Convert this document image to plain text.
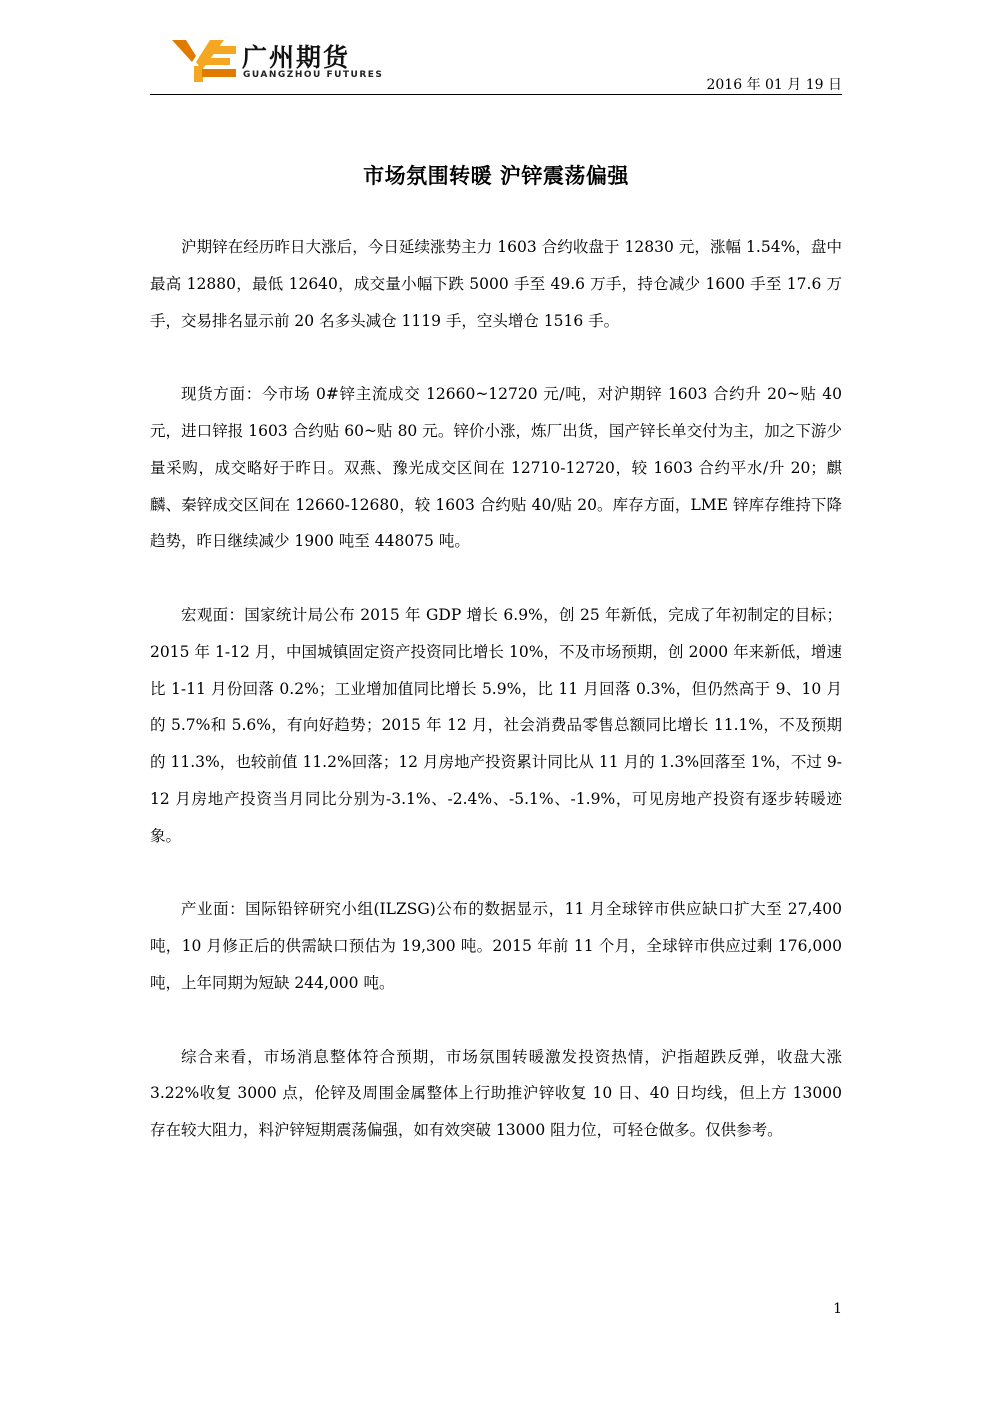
广州期货
GUANGZHOU FUTURES
2016 年 01 月 19 日
市场氛围转暖 沪锌震荡偏强

沪期锌在经历昨日大涨后，今日延续涨势主力 1603 合约收盘于 12830 元，涨幅 1.54%，盘中最高 12880，最低 12640，成交量小幅下跌 5000 手至 49.6 万手，持仓减少 1600 手至 17.6 万手，交易排名显示前 20 名多头减仓 1119 手，空头增仓 1516 手。

现货方面：今市场 0#锌主流成交 12660~12720 元/吨，对沪期锌 1603 合约升 20~贴 40 元，进口锌报 1603 合约贴 60~贴 80 元。锌价小涨，炼厂出货，国产锌长单交付为主，加之下游少量采购，成交略好于昨日。双燕、豫光成交区间在 12710-12720，较 1603 合约平水/升 20；麒麟、秦锌成交区间在 12660-12680，较 1603 合约贴 40/贴 20。库存方面，LME 锌库存维持下降趋势，昨日继续减少 1900 吨至 448075 吨。

宏观面：国家统计局公布 2015 年 GDP 增长 6.9%，创 25 年新低，完成了年初制定的目标；2015 年 1-12 月，中国城镇固定资产投资同比增长 10%，不及市场预期，创 2000 年来新低，增速比 1-11 月份回落 0.2%；工业增加值同比增长 5.9%，比 11 月回落 0.3%，但仍然高于 9、10 月的 5.7%和 5.6%，有向好趋势；2015 年 12 月，社会消费品零售总额同比增长 11.1%，不及预期的 11.3%，也较前值 11.2%回落；12 月房地产投资累计同比从 11 月的 1.3%回落至 1%，不过 9-12 月房地产投资当月同比分别为-3.1%、-2.4%、-5.1%、-1.9%，可见房地产投资有逐步转暖迹象。

产业面：国际铅锌研究小组(ILZSG)公布的数据显示，11 月全球锌市供应缺口扩大至 27,400 吨，10 月修正后的供需缺口预估为 19,300 吨。2015 年前 11 个月，全球锌市供应过剩 176,000 吨，上年同期为短缺 244,000 吨。

综合来看，市场消息整体符合预期，市场氛围转暖激发投资热情，沪指超跌反弹，收盘大涨 3.22%收复 3000 点，伦锌及周围金属整体上行助推沪锌收复 10 日、40 日均线，但上方 13000 存在较大阻力，料沪锌短期震荡偏强，如有效突破 13000 阻力位，可轻仓做多。仅供参考。

1
